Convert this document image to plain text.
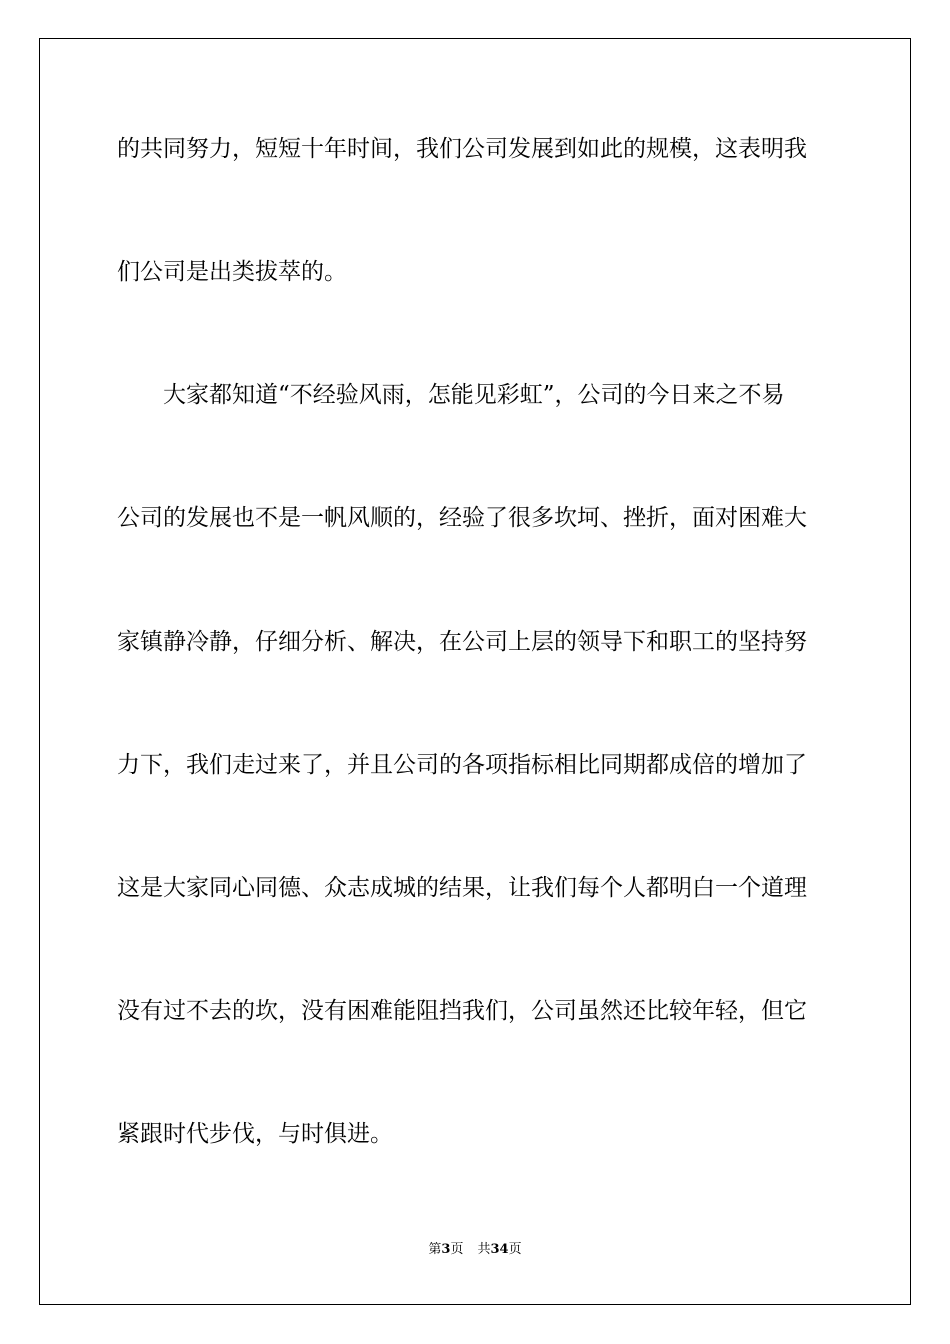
的共同努力，短短十年时间，我们公司发展到如此的规模，这表明我

们公司是出类拔萃的。

大家都知道“不经验风雨，怎能见彩虹”，公司的今日来之不易

公司的发展也不是一帆风顺的，经验了很多坎坷、挫折，面对困难大

家镇静冷静，仔细分析、解决，在公司上层的领导下和职工的坚持努

力下，我们走过来了，并且公司的各项指标相比同期都成倍的增加了

这是大家同心同德、众志成城的结果，让我们每个人都明白一个道理

没有过不去的坎，没有困难能阻挡我们，公司虽然还比较年轻，但它

紧跟时代步伐，与时俱进。

第3页 共34页
